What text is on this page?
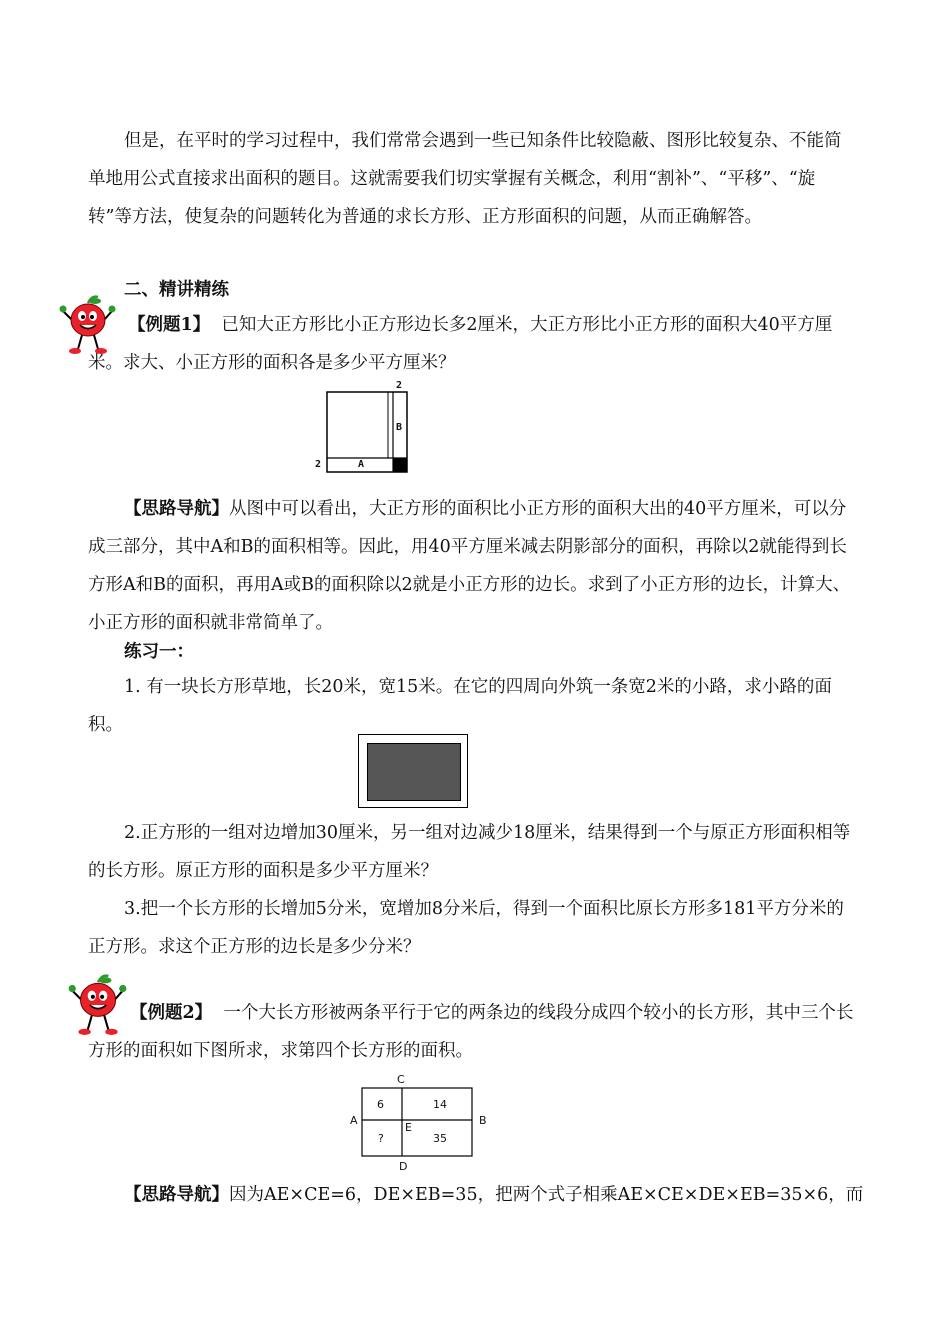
但是，在平时的学习过程中，我们常常会遇到一些已知条件比较隐蔽、图形比较复杂、不能简单地用公式直接求出面积的题目。这就需要我们切实掌握有关概念，利用“割补”、“平移”、“旋转”等方法，使复杂的问题转化为普通的求长方形、正方形面积的问题，从而正确解答。

二、精讲精练

【例题1】 已知大正方形比小正方形边长多2厘米，大正方形比小正方形的面积大40平方厘米。求大、小正方形的面积各是多少平方厘米？

2
B
2	A

【思路导航】从图中可以看出，大正方形的面积比小正方形的面积大出的40平方厘米，可以分成三部分，其中A和B的面积相等。因此，用40平方厘米减去阴影部分的面积，再除以2就能得到长方形A和B的面积，再用A或B的面积除以2就是小正方形的边长。求到了小正方形的边长，计算大、小正方形的面积就非常简单了。

练习一：

1. 有一块长方形草地，长20米，宽15米。在它的四周向外筑一条宽2米的小路，求小路的面积。

2.正方形的一组对边增加30厘米，另一组对边减少18厘米，结果得到一个与原正方形面积相等的长方形。原正方形的面积是多少平方厘米？

3.把一个长方形的长增加5分米，宽增加8分米后，得到一个面积比原长方形多181平方分米的正方形。求这个正方形的边长是多少分米？

【例题2】 一个大长方形被两条平行于它的两条边的线段分成四个较小的长方形，其中三个长方形的面积如下图所求，求第四个长方形的面积。

C
A	B
D
E
6	14
?	35

【思路导航】因为AE×CE=6，DE×EB=35，把两个式子相乘AE×CE×DE×EB=35×6，而
